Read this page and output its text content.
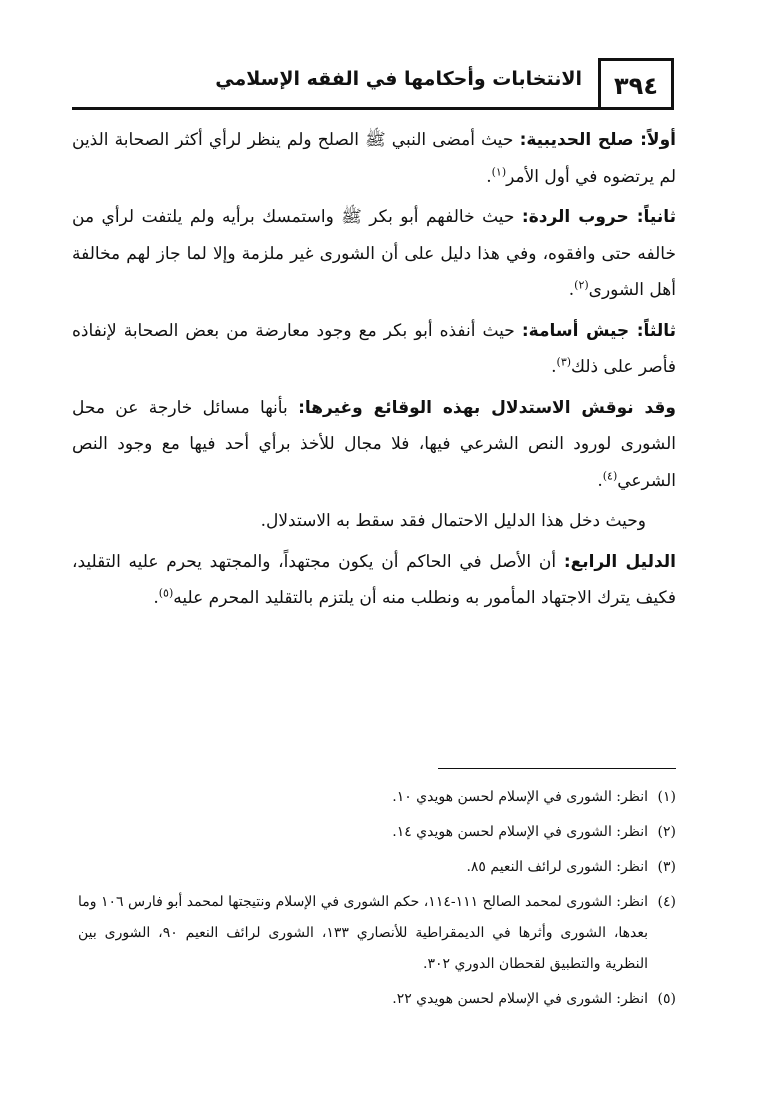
٣٩٤
الانتخابات وأحكامها في الفقه الإسلامي

أولاً: صلح الحديبية: حيث أمضى النبي ﷺ الصلح ولم ينظر لرأي أكثر الصحابة الذين لم يرتضوه في أول الأمر$^{(١)}$.

ثانياً: حروب الردة: حيث خالفهم أبو بكر ﷺ واستمسك برأيه ولم يلتفت لرأي من خالفه حتى وافقوه، وفي هذا دليل على أن الشورى غير ملزمة وإلا لما جاز لهم مخالفة أهل الشورى$^{(٢)}$.

ثالثاً: جيش أسامة: حيث أنفذه أبو بكر مع وجود معارضة من بعض الصحابة لإنفاذه فأصر على ذلك$^{(٣)}$.

وقد نوقش الاستدلال بهذه الوقائع وغيرها: بأنها مسائل خارجة عن محل الشورى لورود النص الشرعي فيها، فلا مجال للأخذ برأي أحد فيها مع وجود النص الشرعي$^{(٤)}$.

وحيث دخل هذا الدليل الاحتمال فقد سقط به الاستدلال.

الدليل الرابع: أن الأصل في الحاكم أن يكون مجتهداً، والمجتهد يحرم عليه التقليد، فكيف يترك الاجتهاد المأمور به ونطلب منه أن يلتزم بالتقليد المحرم عليه$^{(٥)}$.

(١)
انظر: الشورى في الإسلام لحسن هويدي ١٠.
(٢)
انظر: الشورى في الإسلام لحسن هويدي ١٤.
(٣)
انظر: الشورى لرائف النعيم ٨٥.
(٤)
انظر: الشورى لمحمد الصالح ١١١-١١٤، حكم الشورى في الإسلام ونتيجتها لمحمد أبو فارس ١٠٦ وما بعدها، الشورى وأثرها في الديمقراطية للأنصاري ١٣٣، الشورى لرائف النعيم ٩٠، الشورى بين النظرية والتطبيق لقحطان الدوري ٣٠٢.
(٥)
انظر: الشورى في الإسلام لحسن هويدي ٢٢.
